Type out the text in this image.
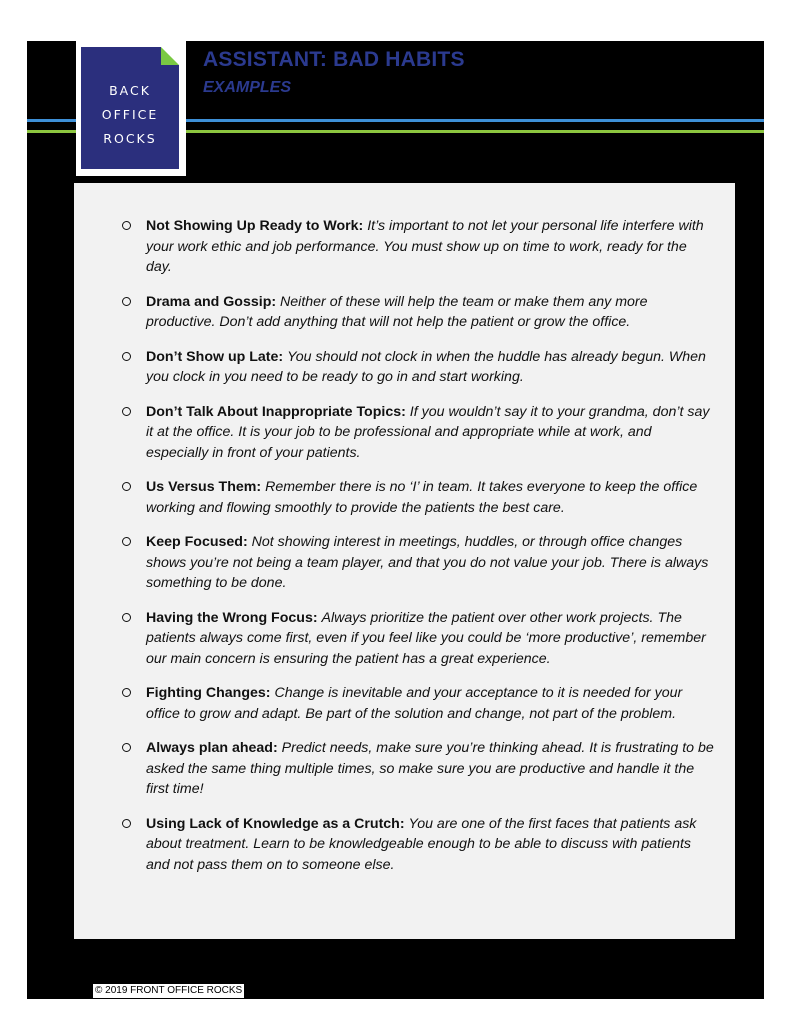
BACK
OFFICE
ROCKS
ASSISTANT: BAD HABITS
EXAMPLES
Not Showing Up Ready to Work: It’s important to not let your personal life interfere with your work ethic and job performance. You must show up on time to work, ready for the day.
Drama and Gossip: Neither of these will help the team or make them any more productive. Don’t add anything that will not help the patient or grow the office.
Don’t Show up Late: You should not clock in when the huddle has already begun. When you clock in you need to be ready to go in and start working.
Don’t Talk About Inappropriate Topics: If you wouldn’t say it to your grandma, don’t say it at the office. It is your job to be professional and appropriate while at work, and especially in front of your patients.
Us Versus Them: Remember there is no ‘I’ in team. It takes everyone to keep the office working and flowing smoothly to provide the patients the best care.
Keep Focused: Not showing interest in meetings, huddles, or through office changes shows you’re not being a team player, and that you do not value your job. There is always something to be done.
Having the Wrong Focus: Always prioritize the patient over other work projects. The patients always come first, even if you feel like you could be ‘more productive’, remember our main concern is ensuring the patient has a great experience.
Fighting Changes: Change is inevitable and your acceptance to it is needed for your office to grow and adapt. Be part of the solution and change, not part of the problem.
Always plan ahead: Predict needs, make sure you’re thinking ahead. It is frustrating to be asked the same thing multiple times, so make sure you are productive and handle it the first time!
Using Lack of Knowledge as a Crutch: You are one of the first faces that patients ask about treatment. Learn to be knowledgeable enough to be able to discuss with patients and not pass them on to someone else.
© 2019 FRONT OFFICE ROCKS
